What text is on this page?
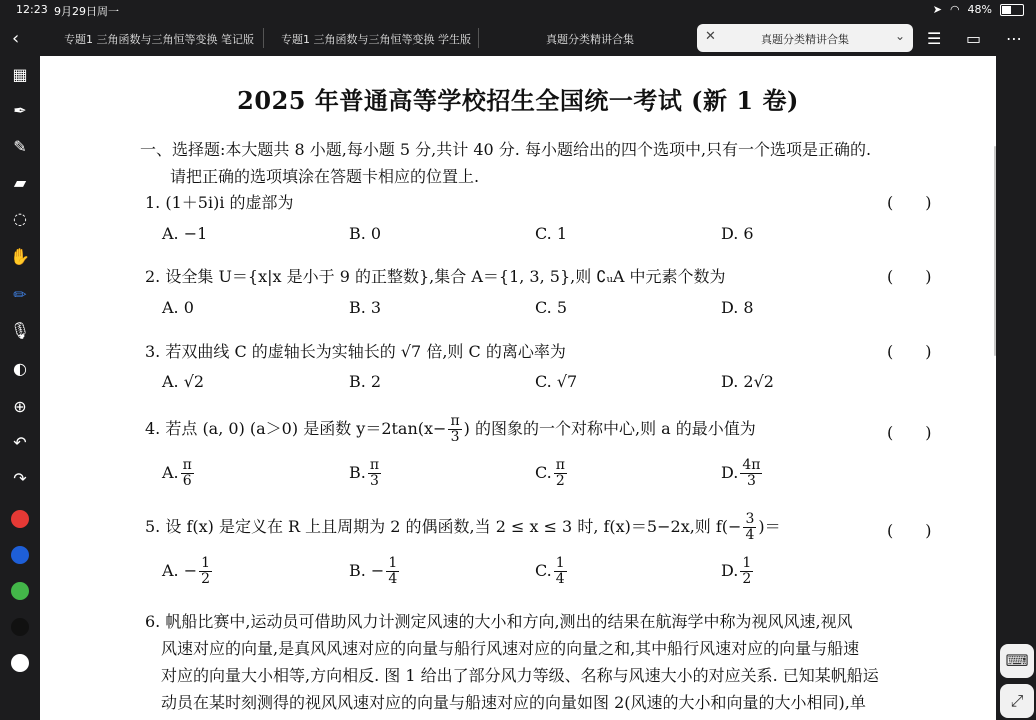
12:23 9月29日周一	➤ ◠ 48%
‹	专题1 三角函数与三角恒等变换 笔记版 专题1 三角函数与三角恒等变换 学生版	真题分类精讲合集	✕	真题分类精讲合集	⌄ ☰ ▭ ⋯
▦
✒
✎
▰
◌
✋
✏
🎙
◐
⊕
↶
↷
2025 年普通高等学校招生全国统一考试 (新 1 卷)
一、选择题:本大题共 8 小题,每小题 5 分,共计 40 分. 每小题给出的四个选项中,只有一个选项是正确的.
请把正确的选项填涂在答题卡相应的位置上.
1. (1＋5i)i 的虚部为	(　　)
A. −1	B. 0	C. 1	D. 6
2. 设全集 U＝{x|x 是小于 9 的正整数},集合 A＝{1, 3, 5},则 ∁ᵤA 中元素个数为	(　　)
A. 0	B. 3	C. 5	D. 8
3. 若双曲线 C 的虚轴长为实轴长的 √7 倍,则 C 的离心率为	(　　)
A. √2	B. 2	C. √7	D. 2√2
4. 若点 (a, 0) (a＞0) 是函数 $y=2\tan(x- \frac{\pi}{3}$ ) 的图象的一个对称中心,则 a 的最小值为	(　　)
A. $\frac{\pi}{6}$	B. $\frac{\pi}{3}$	C. $\frac{\pi}{2}$	D. $\frac{4\pi}{3}$
5. 设 f(x) 是定义在 R 上且周期为 2 的偶函数,当 2 ≤ x ≤ 3 时, f(x)＝5−2x,则 $f(- \frac{3}{4}$ )＝	(　　)
A. − $\frac{1}{2}$	B. − $\frac{1}{4}$	C. $\frac{1}{4}$	D. $\frac{1}{2}$
6. 帆船比赛中,运动员可借助风力计测定风速的大小和方向,测出的结果在航海学中称为视风风速,视风
风速对应的向量,是真风风速对应的向量与船行风速对应的向量之和,其中船行风速对应的向量与船速
对应的向量大小相等,方向相反. 图 1 给出了部分风力等级、名称与风速大小的对应关系. 已知某帆船运
动员在某时刻测得的视风风速对应的向量与船速对应的向量如图 2(风速的大小和向量的大小相同),单
⌨
⤢
